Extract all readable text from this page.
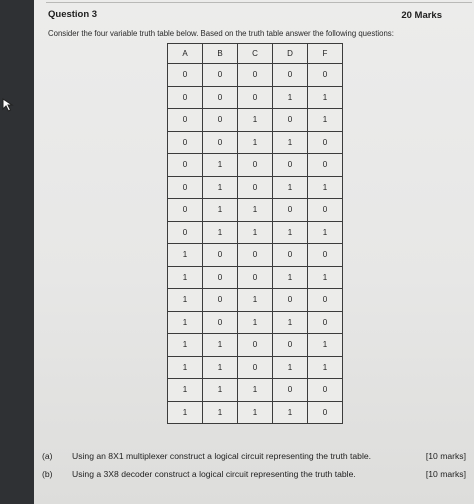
Question 3	20 Marks
Consider the four variable truth table below. Based on the truth table answer the following questions:
A	B	C	D	F
0	0	0	0	0
0	0	0	1	1
0	0	1	0	1
0	0	1	1	0
0	1	0	0	0
0	1	0	1	1
0	1	1	0	0
0	1	1	1	1
1	0	0	0	0
1	0	0	1	1
1	0	1	0	0
1	0	1	1	0
1	1	0	0	1
1	1	0	1	1
1	1	1	0	0
1	1	1	1	0
(a) Using an 8X1 multiplexer construct a logical circuit representing the truth table.	[10 marks]
(b) Using a 3X8 decoder construct a logical circuit representing the truth table.	[10 marks]
